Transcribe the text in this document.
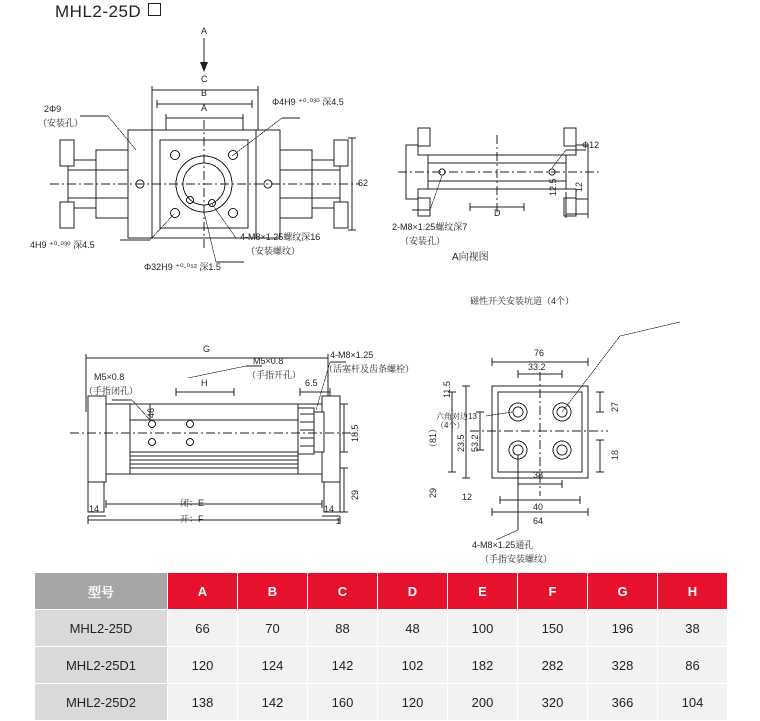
MHL2-25D
A
C
B
A
2Φ9
（安装孔）
Φ4H9 ⁺⁰·⁰³⁰ 深4.5
62
4H9 ⁺⁰·⁰³⁰ 深4.5
4-M8×1.25螺纹深16
（安装螺纹）
Φ32H9 ⁺⁰·⁰⁵² 深1.5
2-M8×1.25螺纹深7
（安装孔）
D
Φ12
12.5 12
A向视图
G
M5×0.8
（手指开孔）
M5×0.8
（手指闭孔）
H	6.5
46
18.5
29
14	14
1
4-M8×1.25
（活塞杆及齿条螺栓）
闭：E
开：F
磁性开关安装坑道（4个）
76
33.2
11.5
23.5 53.2
（81）
29	12
38
40
64
27
18
六角对边13（4个）
4-M8×1.25通孔
（手指安装螺纹）
型号	A	B	C	D	E	F	G	H
MHL2-25D	66	70	88	48	100	150	196	38
MHL2-25D1	120	124	142	102	182	282	328	86
MHL2-25D2	138	142	160	120	200	320	366	104
